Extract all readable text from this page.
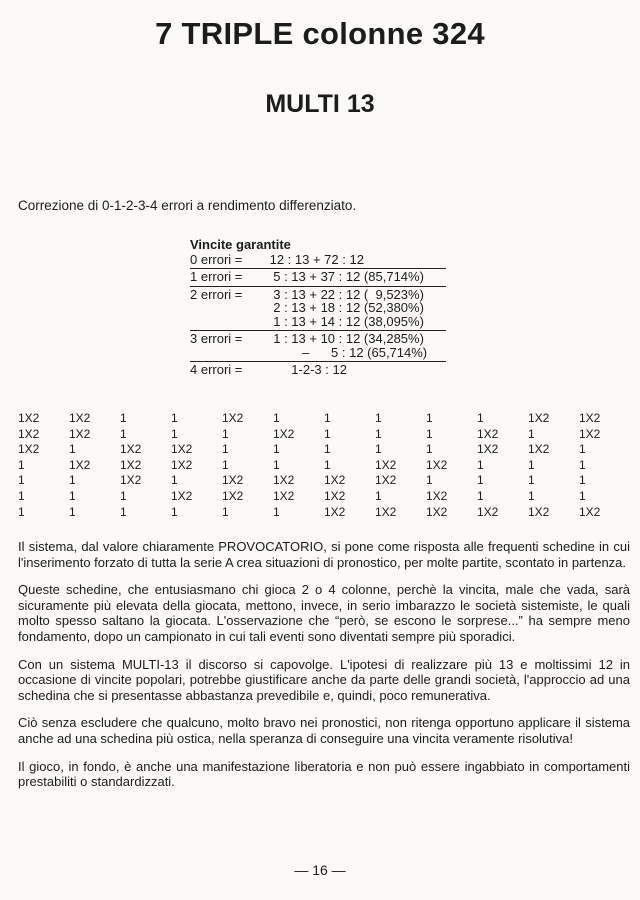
7 TRIPLE colonne 324
MULTI 13
Correzione di 0-1-2-3-4 errori a rendimento differenziato.
Vincite garantite
0 errori =	12 : 13 + 72 : 12
1 errori =	5 : 13 + 37 : 12 (85,714%)
2 errori =	3 : 13 + 22 : 12 (  9,523%)
2 : 13 + 18 : 12 (52,380%)
1 : 13 + 14 : 12 (38,095%)
3 errori =	1 : 13 + 10 : 12 (34,285%)
–      5 : 12 (65,714%)
4 errori =	1-2-3 : 12
1X2	1X2	1	1	1X2	1	1	1	1	1	1X2	1X2
1X2	1X2	1	1	1	1X2	1	1	1	1X2	1	1X2
1X2	1	1X2	1X2	1	1	1	1	1	1X2	1X2	1
1	1X2	1X2	1X2	1	1	1	1X2	1X2	1	1	1
1	1	1X2	1	1X2	1X2	1X2	1X2	1	1	1	1
1	1	1	1X2	1X2	1X2	1X2	1	1X2	1	1	1
1	1	1	1	1	1	1X2	1X2	1X2	1X2	1X2	1X2

Il sistema, dal valore chiaramente PROVOCATORIO, si pone come risposta alle frequenti schedine in cui l'inserimento forzato di tutta la serie A crea situazioni di pronostico, per molte partite, scontato in partenza.

Queste schedine, che entusiasmano chi gioca 2 o 4 colonne, perchè la vincita, male che vada, sarà sicuramente più elevata della giocata, mettono, invece, in serio imbarazzo le società sistemiste, le quali molto spesso saltano la giocata. L'osservazione che “però, se escono le sorprese...” ha sempre meno fondamento, dopo un campionato in cui tali eventi sono diventati sempre più sporadici.

Con un sistema MULTI-13 il discorso si capovolge. L'ipotesi di realizzare più 13 e moltissimi 12 in occasione di vincite popolari, potrebbe giustificare anche da parte delle grandi società, l'approccio ad una schedina che si presentasse abbastanza prevedibile e, quindi, poco remunerativa.

Ciò senza escludere che qualcuno, molto bravo nei pronostici, non ritenga opportuno applicare il sistema anche ad una schedina più ostica, nella speranza di conseguire una vincita veramente risolutiva!

Il gioco, in fondo, è anche una manifestazione liberatoria e non può essere ingabbiato in comportamenti prestabiliti o standardizzati.

— 16 —
